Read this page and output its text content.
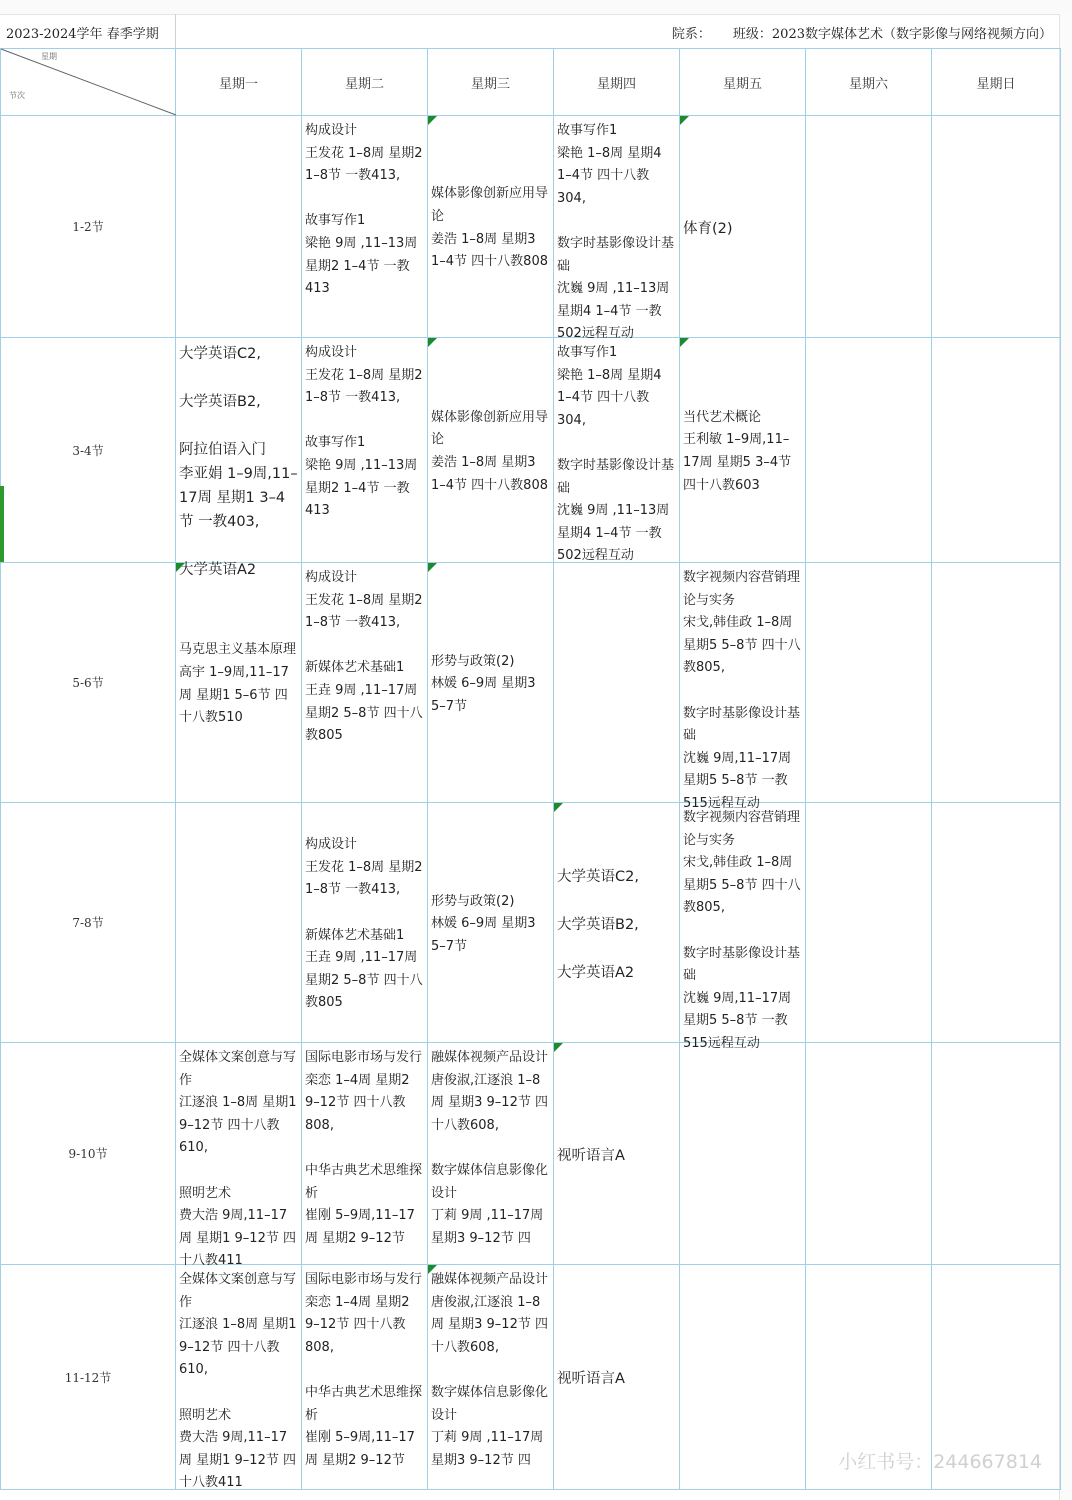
2023-2024学年 春季学期	院系： 班级：2023数字媒体艺术（数字影像与网络视频方向）
星期
节次	星期一	星期二	星期三	星期四	星期五	星期六	星期日
1-2节		构成设计
王发花 1–8周 星期2 1–8节 一教413,

故事写作1
梁艳 9周 ,11–13周 星期2 1–4节 一教413	媒体影像创新应用导论
姜浩 1–8周 星期3 1–4节 四十八教808	故事写作1
梁艳 1–8周 星期4 1–4节 四十八教304,

数字时基影像设计基础
沈巍 9周 ,11–13周 星期4 1–4节 一教502远程互动	体育(2)		

3-4节	大学英语C2,

大学英语B2,

阿拉伯语入门
李亚娟 1–9周,11–17周 星期1 3–4节 一教403,

大学英语A2	构成设计
王发花 1–8周 星期2 1–8节 一教413,

故事写作1
梁艳 9周 ,11–13周 星期2 1–4节 一教413	媒体影像创新应用导论
姜浩 1–8周 星期3 1–4节 四十八教808	故事写作1
梁艳 1–8周 星期4 1–4节 四十八教304,

数字时基影像设计基础
沈巍 9周 ,11–13周 星期4 1–4节 一教502远程互动	当代艺术概论
王利敏 1–9周,11–17周 星期5 3–4节 四十八教603		

5-6节	马克思主义基本原理
高宇 1–9周,11–17周 星期1 5–6节 四十八教510	构成设计
王发花 1–8周 星期2 1–8节 一教413,

新媒体艺术基础1
王垚 9周 ,11–17周 星期2 5–8节 四十八教805	形势与政策(2)
林媛 6–9周 星期3 5–7节		数字视频内容营销理论与实务
宋戈,韩佳政 1–8周 星期5 5–8节 四十八教805,

数字时基影像设计基础
沈巍 9周,11–17周 星期5 5–8节 一教515远程互动		

7-8节		构成设计
王发花 1–8周 星期2 1–8节 一教413,

新媒体艺术基础1
王垚 9周 ,11–17周 星期2 5–8节 四十八教805	形势与政策(2)
林媛 6–9周 星期3 5–7节	大学英语C2,

大学英语B2,

大学英语A2	数字视频内容营销理论与实务
宋戈,韩佳政 1–8周 星期5 5–8节 四十八教805,

数字时基影像设计基础
沈巍 9周,11–17周 星期5 5–8节 一教515远程互动		

9-10节	全媒体文案创意与写作
江逐浪 1–8周 星期1 9–12节 四十八教610,

照明艺术
费大浩 9周,11–17周 星期1 9–12节 四十八教411	国际电影市场与发行
栾恋 1–4周 星期2 9–12节 四十八教808,

中华古典艺术思维探析
崔刚 5–9周,11–17周 星期2 9–12节	融媒体视频产品设计
唐俊淑,江逐浪 1–8周 星期3 9–12节 四十八教608,

数字媒体信息影像化设计
丁莉 9周 ,11–17周 星期3 9–12节 四	视听语言A			

11-12节	全媒体文案创意与写作
江逐浪 1–8周 星期1 9–12节 四十八教610,

照明艺术
费大浩 9周,11–17周 星期1 9–12节 四十八教411	国际电影市场与发行
栾恋 1–4周 星期2 9–12节 四十八教808,

中华古典艺术思维探析
崔刚 5–9周,11–17周 星期2 9–12节	融媒体视频产品设计
唐俊淑,江逐浪 1–8周 星期3 9–12节 四十八教608,

数字媒体信息影像化设计
丁莉 9周 ,11–17周 星期3 9–12节 四	视听语言A			

小红书号：244667814
